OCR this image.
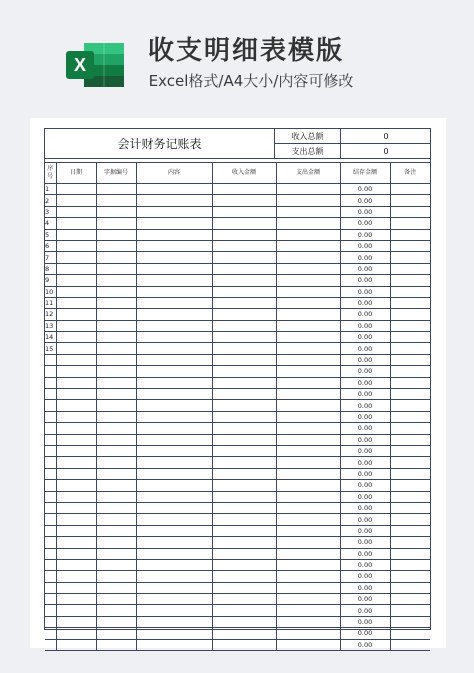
X	收支明细表模版
Excel格式/A4大小/内容可修改
会计财务记账表
收入总额	0
支出总额	0
序号	日期	字据编号	内容	收入金额	支出金额	结存金额	备注
1						0.00	
2						0.00	
3						0.00	
4						0.00	
5						0.00	
6						0.00	
7						0.00	
8						0.00	
9						0.00	
10						0.00	
11						0.00	
12						0.00	
13						0.00	
14						0.00	
15						0.00	
						0.00	
						0.00	
						0.00	
						0.00	
						0.00	
						0.00	
						0.00	
						0.00	
						0.00	
						0.00	
						0.00	
						0.00	
						0.00	
						0.00	
						0.00	
						0.00	
						0.00	
						0.00	
						0.00	
						0.00	
						0.00	
						0.00	
						0.00	
						0.00	
						0.00	
						0.00	
